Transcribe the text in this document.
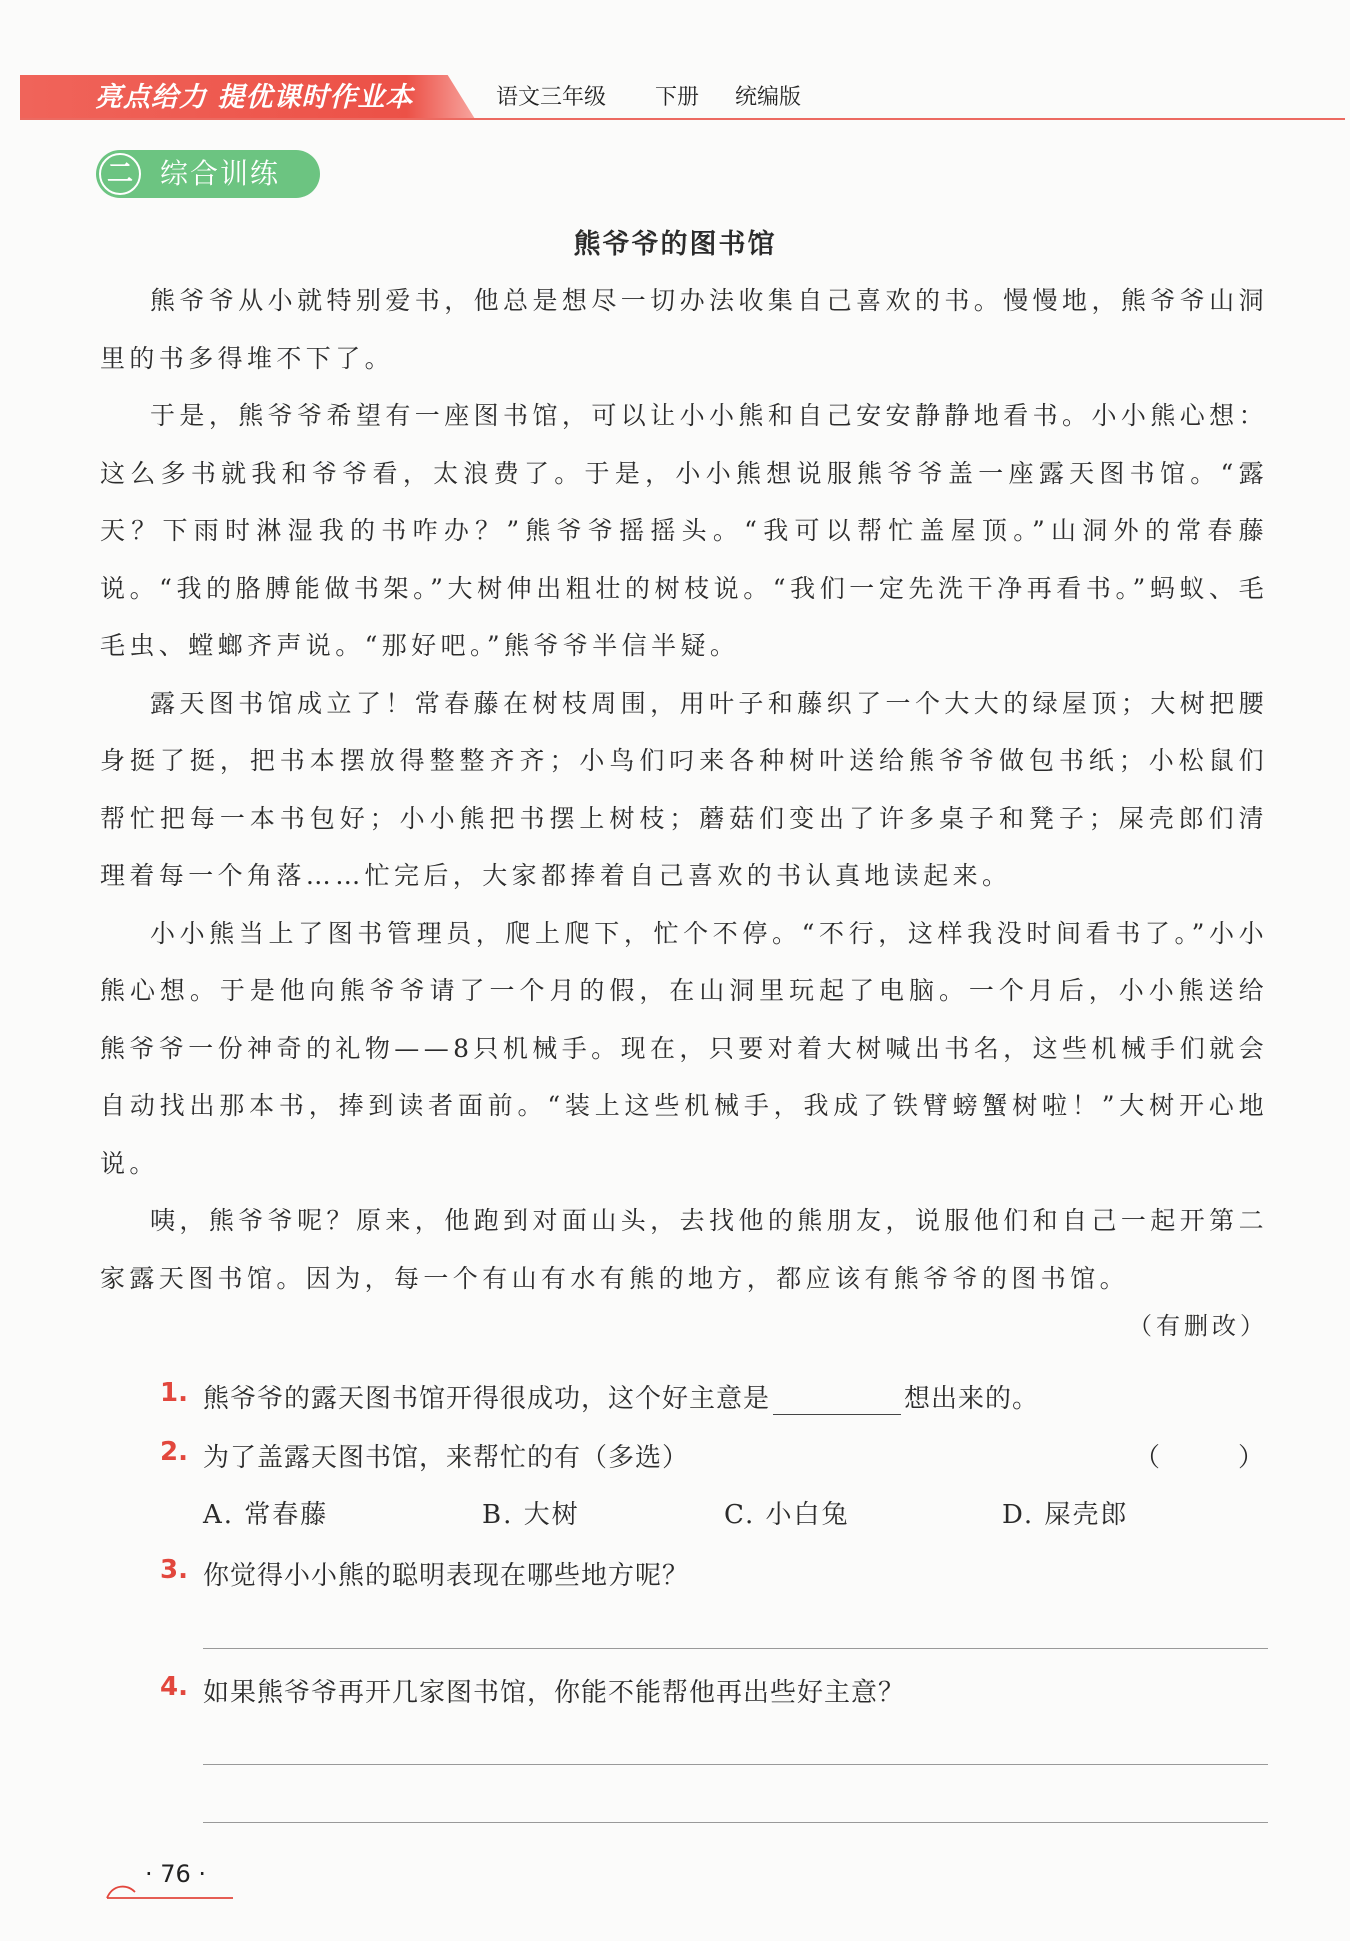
亮点给力 提优课时作业本	语文三年级 下册 统编版
二 综合训练
熊爷爷的图书馆

熊爷爷从小就特别爱书，他总是想尽一切办法收集自己喜欢的书。慢慢地，熊爷爷山洞里的书多得堆不下了。

于是，熊爷爷希望有一座图书馆，可以让小小熊和自己安安静静地看书。小小熊心想：这么多书就我和爷爷看，太浪费了。于是，小小熊想说服熊爷爷盖一座露天图书馆。“露天？下雨时淋湿我的书咋办？”熊爷爷摇摇头。“我可以帮忙盖屋顶。”山洞外的常春藤说。“我的胳膊能做书架。”大树伸出粗壮的树枝说。“我们一定先洗干净再看书。”蚂蚁、毛毛虫、螳螂齐声说。“那好吧。”熊爷爷半信半疑。

露天图书馆成立了！常春藤在树枝周围，用叶子和藤织了一个大大的绿屋顶；大树把腰身挺了挺，把书本摆放得整整齐齐；小鸟们叼来各种树叶送给熊爷爷做包书纸；小松鼠们帮忙把每一本书包好；小小熊把书摆上树枝；蘑菇们变出了许多桌子和凳子；屎壳郎们清理着每一个角落……忙完后，大家都捧着自己喜欢的书认真地读起来。

小小熊当上了图书管理员，爬上爬下，忙个不停。“不行，这样我没时间看书了。”小小熊心想。于是他向熊爷爷请了一个月的假，在山洞里玩起了电脑。一个月后，小小熊送给熊爷爷一份神奇的礼物——8只机械手。现在，只要对着大树喊出书名，这些机械手们就会自动找出那本书，捧到读者面前。“装上这些机械手，我成了铁臂螃蟹树啦！”大树开心地说。

咦，熊爷爷呢？原来，他跑到对面山头，去找他的熊朋友，说服他们和自己一起开第二家露天图书馆。因为，每一个有山有水有熊的地方，都应该有熊爷爷的图书馆。

（有删改）
1. 熊爷爷的露天图书馆开得很成功，这个好主意是	想出来的。
2. 为了盖露天图书馆，来帮忙的有（多选）	（　　　）
A. 常春藤	B. 大树	C. 小白兔	D. 屎壳郎
3. 你觉得小小熊的聪明表现在哪些地方呢？
4. 如果熊爷爷再开几家图书馆，你能不能帮他再出些好主意？
· 76 ·
